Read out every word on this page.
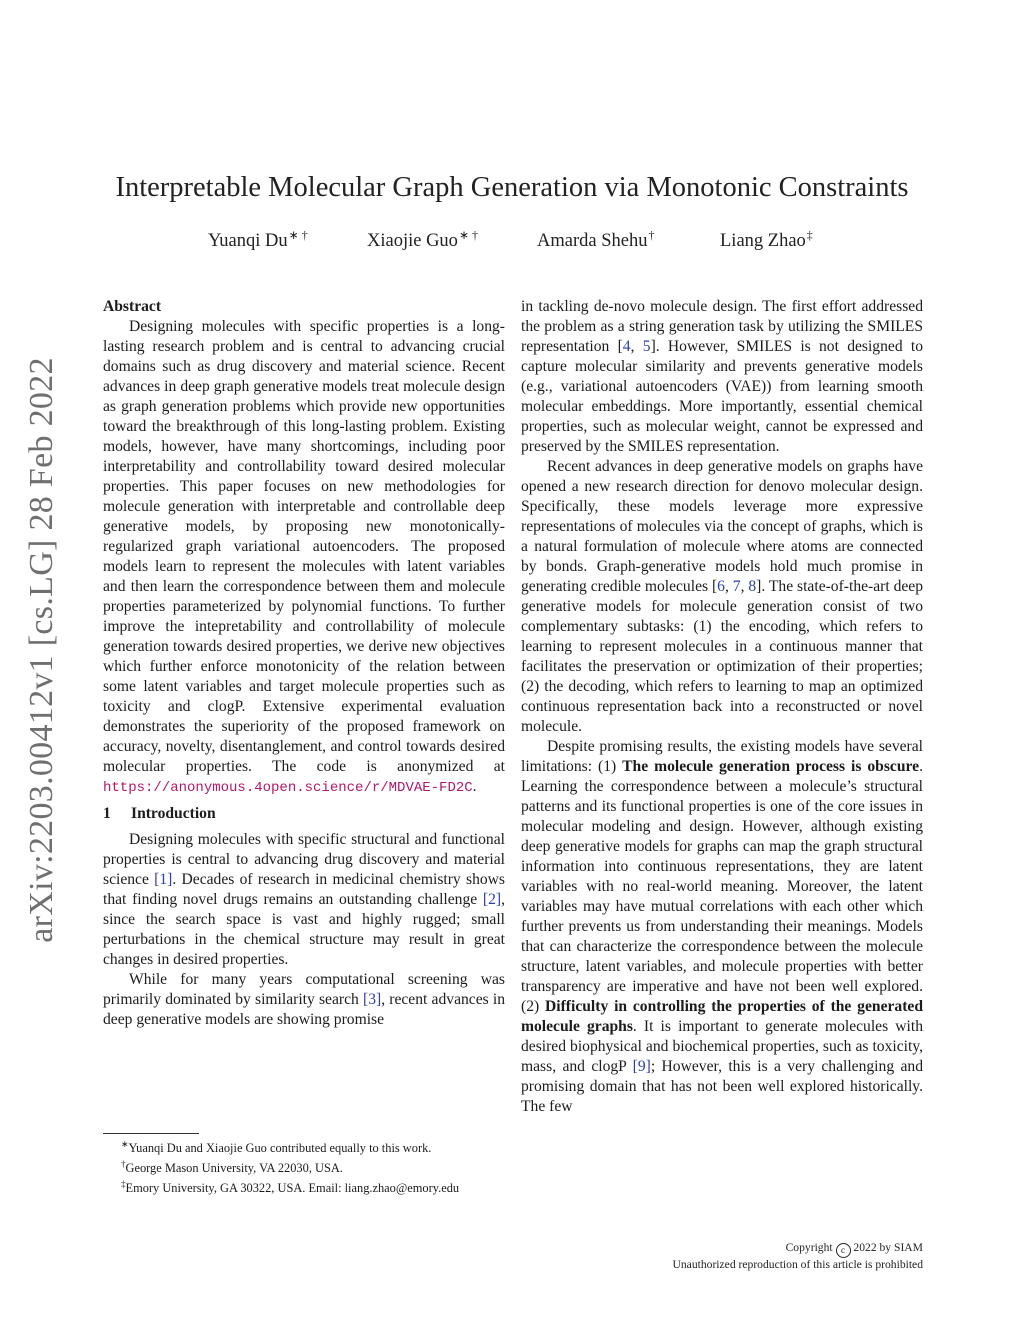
arXiv:2203.00412v1 [cs.LG] 28 Feb 2022
Interpretable Molecular Graph Generation via Monotonic Constraints
Yuanqi Du∗ †	Xiaojie Guo∗ †	Amarda Shehu†	Liang Zhao‡

Abstract

Designing molecules with specific properties is a long-lasting research problem and is central to advancing crucial domains such as drug discovery and material science. Recent advances in deep graph generative models treat molecule design as graph generation problems which provide new opportunities toward the breakthrough of this long-lasting problem. Existing models, however, have many shortcomings, including poor interpretability and controllability toward desired molecular properties. This paper focuses on new methodologies for molecule generation with interpretable and controllable deep generative models, by proposing new monotonically-regularized graph variational autoencoders. The proposed models learn to represent the molecules with latent variables and then learn the correspondence between them and molecule properties parameterized by polynomial functions. To further improve the intepretability and controllability of molecule generation towards desired properties, we derive new objectives which further enforce monotonicity of the relation between some latent variables and target molecule properties such as toxicity and clogP. Extensive experimental evaluation demonstrates the superiority of the proposed framework on accuracy, novelty, disentanglement, and control towards desired molecular properties. The code is anonymized at https://anonymous.4open.science/r/MDVAE-FD2C.

1 Introduction

Designing molecules with specific structural and functional properties is central to advancing drug discovery and material science [1]. Decades of research in medicinal chemistry shows that finding novel drugs remains an outstanding challenge [2], since the search space is vast and highly rugged; small perturbations in the chemical structure may result in great changes in desired properties.

While for many years computational screening was primarily dominated by similarity search [3], recent advances in deep generative models are showing promise

in tackling de-novo molecule design. The first effort addressed the problem as a string generation task by utilizing the SMILES representation [4, 5]. However, SMILES is not designed to capture molecular similarity and prevents generative models (e.g., variational autoencoders (VAE)) from learning smooth molecular embeddings. More importantly, essential chemical properties, such as molecular weight, cannot be expressed and preserved by the SMILES representation.

Recent advances in deep generative models on graphs have opened a new research direction for denovo molecular design. Specifically, these models leverage more expressive representations of molecules via the concept of graphs, which is a natural formulation of molecule where atoms are connected by bonds. Graph-generative models hold much promise in generating credible molecules [6, 7, 8]. The state-of-the-art deep generative models for molecule generation consist of two complementary subtasks: (1) the encoding, which refers to learning to represent molecules in a continuous manner that facilitates the preservation or optimization of their properties; (2) the decoding, which refers to learning to map an optimized continuous representation back into a reconstructed or novel molecule.

Despite promising results, the existing models have several limitations: (1) The molecule generation process is obscure. Learning the correspondence between a molecule’s structural patterns and its functional properties is one of the core issues in molecular modeling and design. However, although existing deep generative models for graphs can map the graph structural information into continuous representations, they are latent variables with no real-world meaning. Moreover, the latent variables may have mutual correlations with each other which further prevents us from understanding their meanings. Models that can characterize the correspondence between the molecule structure, latent variables, and molecule properties with better transparency are imperative and have not been well explored. (2) Difficulty in controlling the properties of the generated molecule graphs. It is important to generate molecules with desired biophysical and biochemical properties, such as toxicity, mass, and clogP [9]; However, this is a very challenging and promising domain that has not been well explored historically. The few

∗Yuanqi Du and Xiaojie Guo contributed equally to this work.

†George Mason University, VA 22030, USA.

‡Emory University, GA 30322, USA. Email: liang.zhao@emory.edu

Copyright c 2022 by SIAM
Unauthorized reproduction of this article is prohibited
